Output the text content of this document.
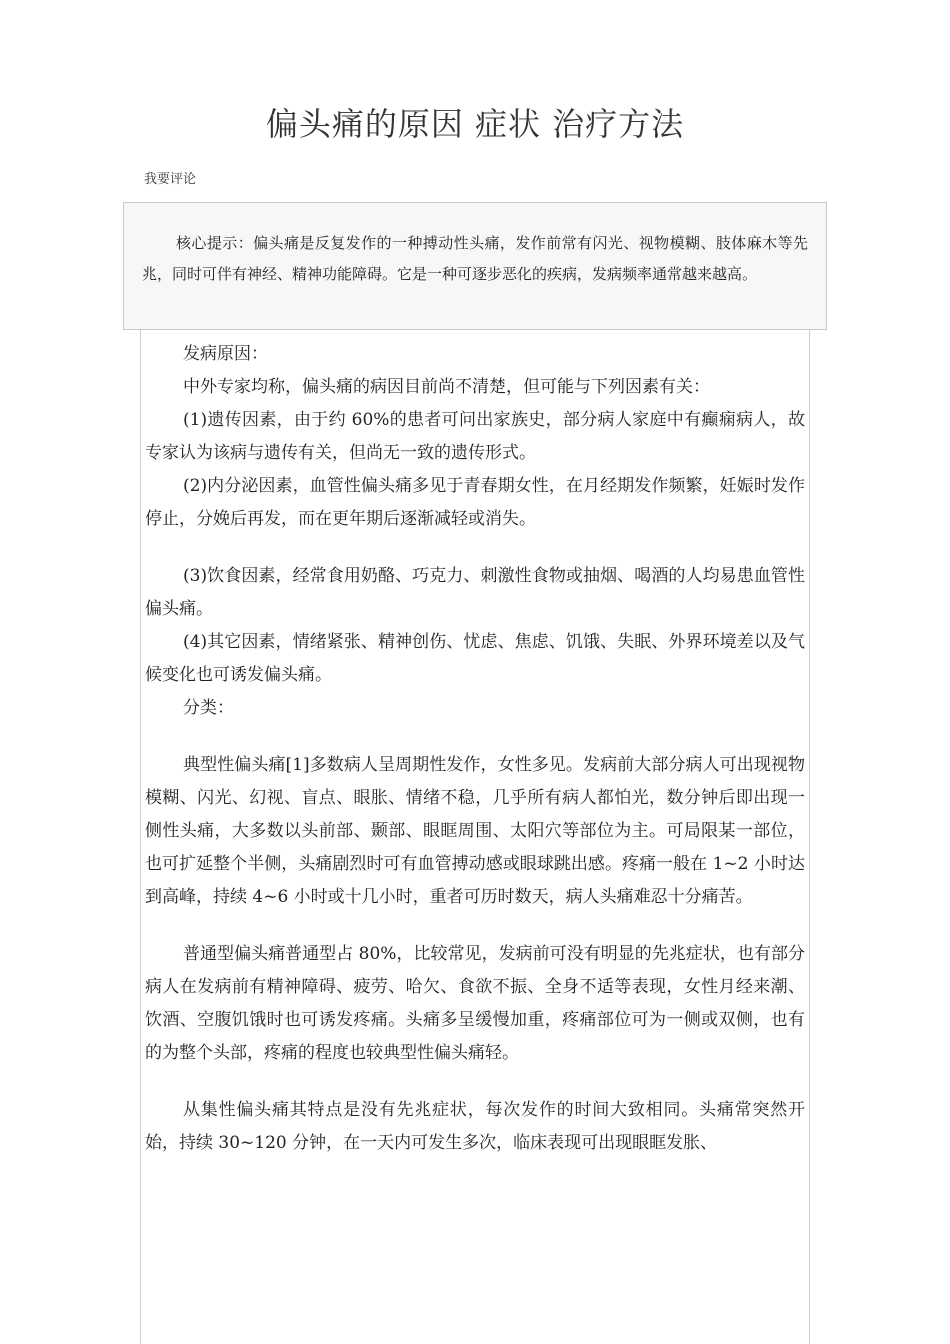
偏头痛的原因 症状 治疗方法
我要评论

核心提示：偏头痛是反复发作的一种搏动性头痛，发作前常有闪光、视物模糊、肢体麻木等先兆，同时可伴有神经、精神功能障碍。它是一种可逐步恶化的疾病，发病频率通常越来越高。

发病原因：

中外专家均称，偏头痛的病因目前尚不清楚，但可能与下列因素有关：

(1)遗传因素，由于约 60%的患者可问出家族史，部分病人家庭中有癫痫病人，故专家认为该病与遗传有关，但尚无一致的遗传形式。

(2)内分泌因素，血管性偏头痛多见于青春期女性，在月经期发作频繁，妊娠时发作停止，分娩后再发，而在更年期后逐渐减轻或消失。

(3)饮食因素，经常食用奶酪、巧克力、刺激性食物或抽烟、喝酒的人均易患血管性偏头痛。

(4)其它因素，情绪紧张、精神创伤、忧虑、焦虑、饥饿、失眠、外界环境差以及气候变化也可诱发偏头痛。

分类：

典型性偏头痛[1]多数病人呈周期性发作，女性多见。发病前大部分病人可出现视物模糊、闪光、幻视、盲点、眼胀、情绪不稳，几乎所有病人都怕光，数分钟后即出现一侧性头痛，大多数以头前部、颞部、眼眶周围、太阳穴等部位为主。可局限某一部位，也可扩延整个半侧，头痛剧烈时可有血管搏动感或眼球跳出感。疼痛一般在 1~2 小时达到高峰，持续 4~6 小时或十几小时，重者可历时数天，病人头痛难忍十分痛苦。

普通型偏头痛普通型占 80%，比较常见，发病前可没有明显的先兆症状，也有部分病人在发病前有精神障碍、疲劳、哈欠、食欲不振、全身不适等表现，女性月经来潮、饮酒、空腹饥饿时也可诱发疼痛。头痛多呈缓慢加重，疼痛部位可为一侧或双侧，也有的为整个头部，疼痛的程度也较典型性偏头痛轻。

从集性偏头痛其特点是没有先兆症状，每次发作的时间大致相同。头痛常突然开始，持续 30~120 分钟，在一天内可发生多次，临床表现可出现眼眶发胀、
